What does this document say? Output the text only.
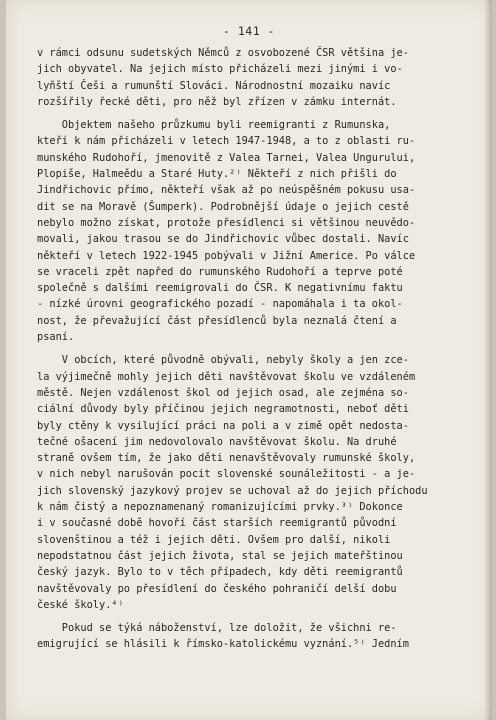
- 141 -
v rámci odsunu sudetských Němců z osvobozené ČSR většina je-
jich obyvatel. Na jejich místo přicházeli mezi jinými i vo-
lyňští Češi a rumunští Slováci. Národnostní mozaiku navíc
rozšířily řecké děti, pro něž byl zřízen v zámku internát.
Objektem našeho průzkumu byli reemigranti z Rumunska,
kteří k nám přicházeli v letech 1947-1948, a to z oblasti ru-
munského Rudohoří, jmenovitě z Valea Tarnei, Valea Ungurului,
Plopiše, Halmeědu a Staré Huty.²⁾ Někteří z nich přišli do
Jindřichovic přímo, někteří však až po neúspěšném pokusu usa-
dit se na Moravě (Šumperk). Podrobnější údaje o jejich cestě
nebylo možno získat, protože přesídlenci si většinou neuvědo-
movali, jakou trasou se do Jindřichovic vůbec dostali. Navíc
někteří v letech 1922-1945 pobývali v Jižní Americe. Po válce
se vraceli zpět napřed do rumunského Rudohoří a teprve poté
společně s dalšími reemigrovali do ČSR. K negativnímu faktu
- nízké úrovni geografického pozadí - napomáhala i ta okol-
nost, že převažující část přesídlenců byla neznalá čtení a
psaní.
V obcích, které původně obývali, nebyly školy a jen zce-
la výjimečně mohly jejich děti navštěvovat školu ve vzdáleném
městě. Nejen vzdálenost škol od jejich osad, ale zejména so-
ciální důvody byly příčinou jejich negramotnosti, neboť děti
byly ctěny k vysilující práci na poli a v zimě opět nedosta-
tečné ošacení jim nedovolovalo navštěvovat školu. Na druhé
straně ovšem tím, že jako děti nenavštěvovaly rumunské školy,
v nich nebyl narušován pocit slovenské sounáležitosti - a je-
jich slovenský jazykový projev se uchoval až do jejich příchodu
k nám čistý a nepoznamenaný romanizujícími prvky.³⁾ Dokonce
i v současné době hovoří část starších reemigrantů původní
slovenštinou a též i jejich děti. Ovšem pro další, nikoli
nepodstatnou část jejich života, stal se jejich mateřštinou
český jazyk. Bylo to v těch případech, kdy děti reemigrantů
navštěvovaly po přesídlení do českého pohraničí delší dobu
české školy.⁴⁾
Pokud se týká náboženství, lze doložit, že všichni re-
emigrující se hlásili k římsko-katolickému vyznání.⁵⁾ Jedním
